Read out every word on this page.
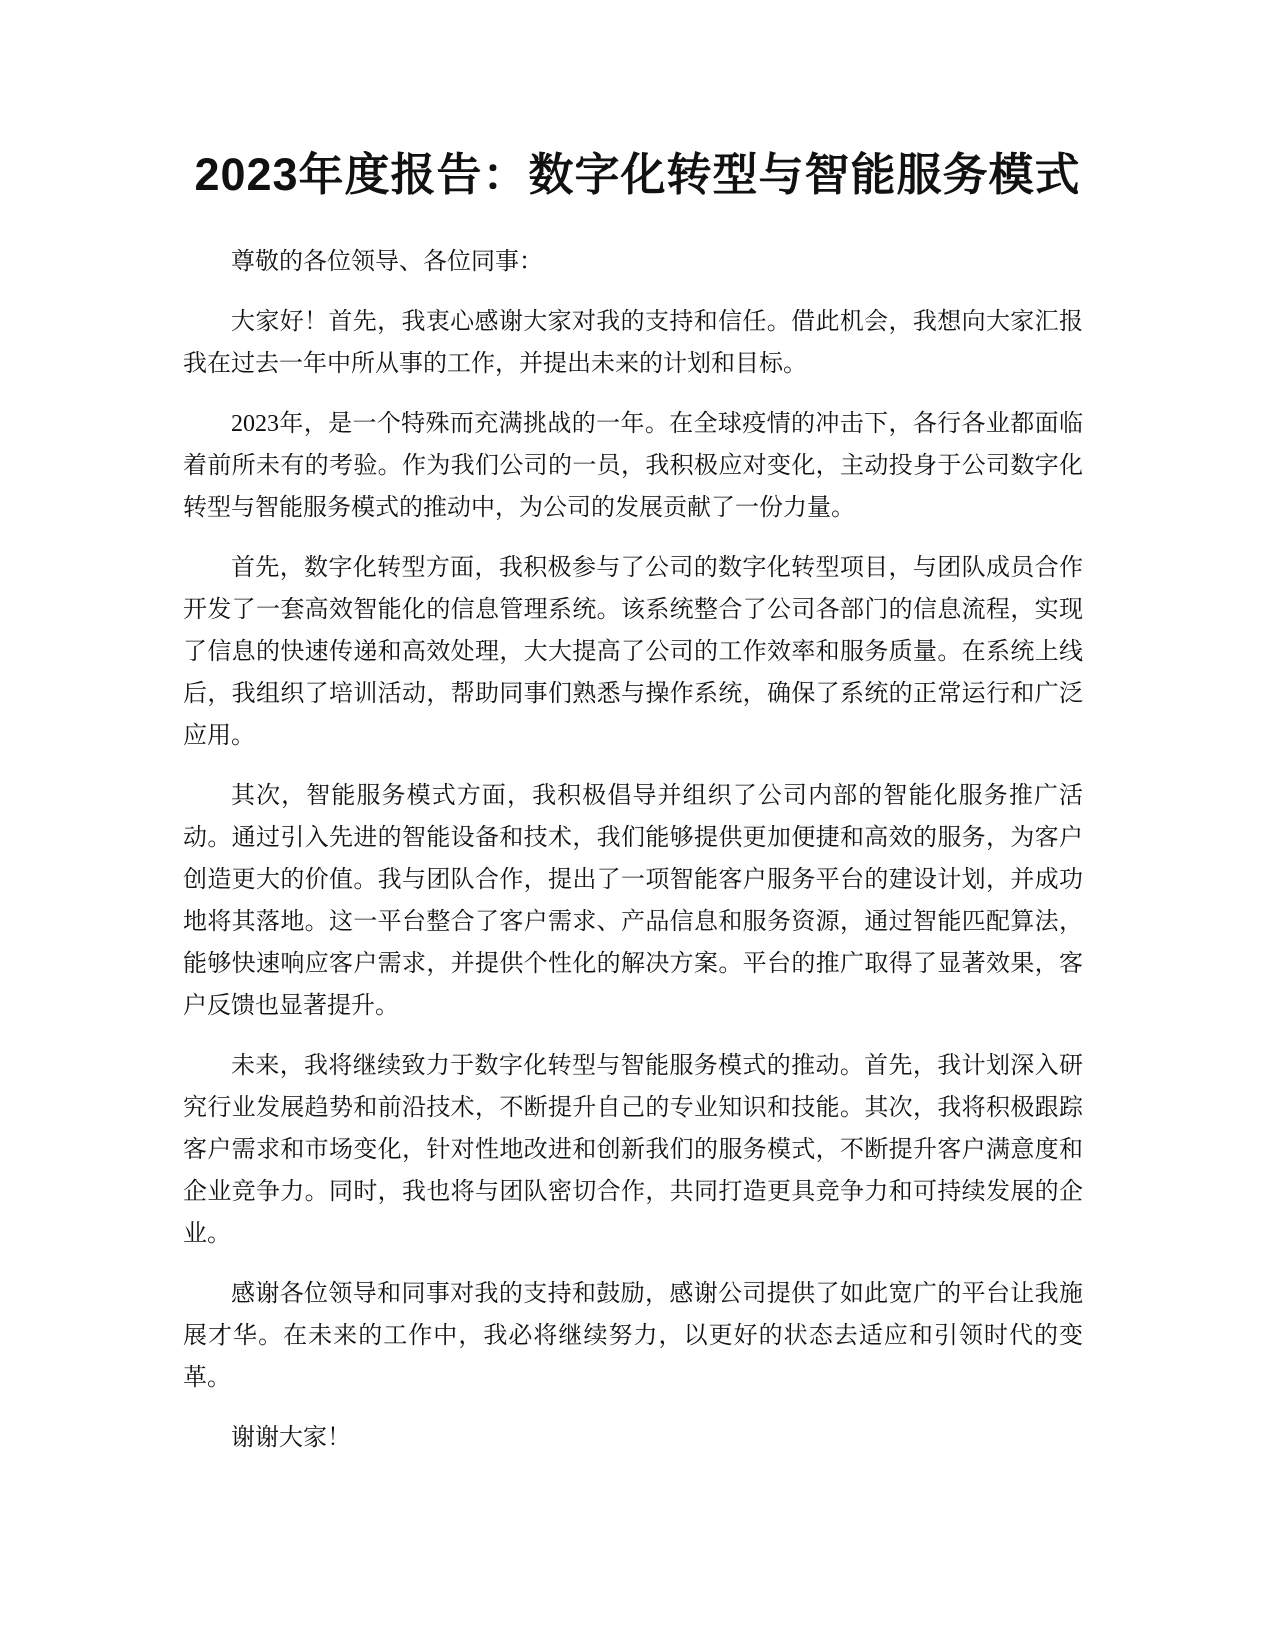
2023年度报告：数字化转型与智能服务模式

尊敬的各位领导、各位同事：

大家好！首先，我衷心感谢大家对我的支持和信任。借此机会，我想向大家汇报我在过去一年中所从事的工作，并提出未来的计划和目标。

2023年，是一个特殊而充满挑战的一年。在全球疫情的冲击下，各行各业都面临着前所未有的考验。作为我们公司的一员，我积极应对变化，主动投身于公司数字化转型与智能服务模式的推动中，为公司的发展贡献了一份力量。

首先，数字化转型方面，我积极参与了公司的数字化转型项目，与团队成员合作开发了一套高效智能化的信息管理系统。该系统整合了公司各部门的信息流程，实现了信息的快速传递和高效处理，大大提高了公司的工作效率和服务质量。在系统上线后，我组织了培训活动，帮助同事们熟悉与操作系统，确保了系统的正常运行和广泛应用。

其次，智能服务模式方面，我积极倡导并组织了公司内部的智能化服务推广活动。通过引入先进的智能设备和技术，我们能够提供更加便捷和高效的服务，为客户创造更大的价值。我与团队合作，提出了一项智能客户服务平台的建设计划，并成功地将其落地。这一平台整合了客户需求、产品信息和服务资源，通过智能匹配算法，能够快速响应客户需求，并提供个性化的解决方案。平台的推广取得了显著效果，客户反馈也显著提升。

未来，我将继续致力于数字化转型与智能服务模式的推动。首先，我计划深入研究行业发展趋势和前沿技术，不断提升自己的专业知识和技能。其次，我将积极跟踪客户需求和市场变化，针对性地改进和创新我们的服务模式，不断提升客户满意度和企业竞争力。同时，我也将与团队密切合作，共同打造更具竞争力和可持续发展的企业。

感谢各位领导和同事对我的支持和鼓励，感谢公司提供了如此宽广的平台让我施展才华。在未来的工作中，我必将继续努力，以更好的状态去适应和引领时代的变革。

谢谢大家！
